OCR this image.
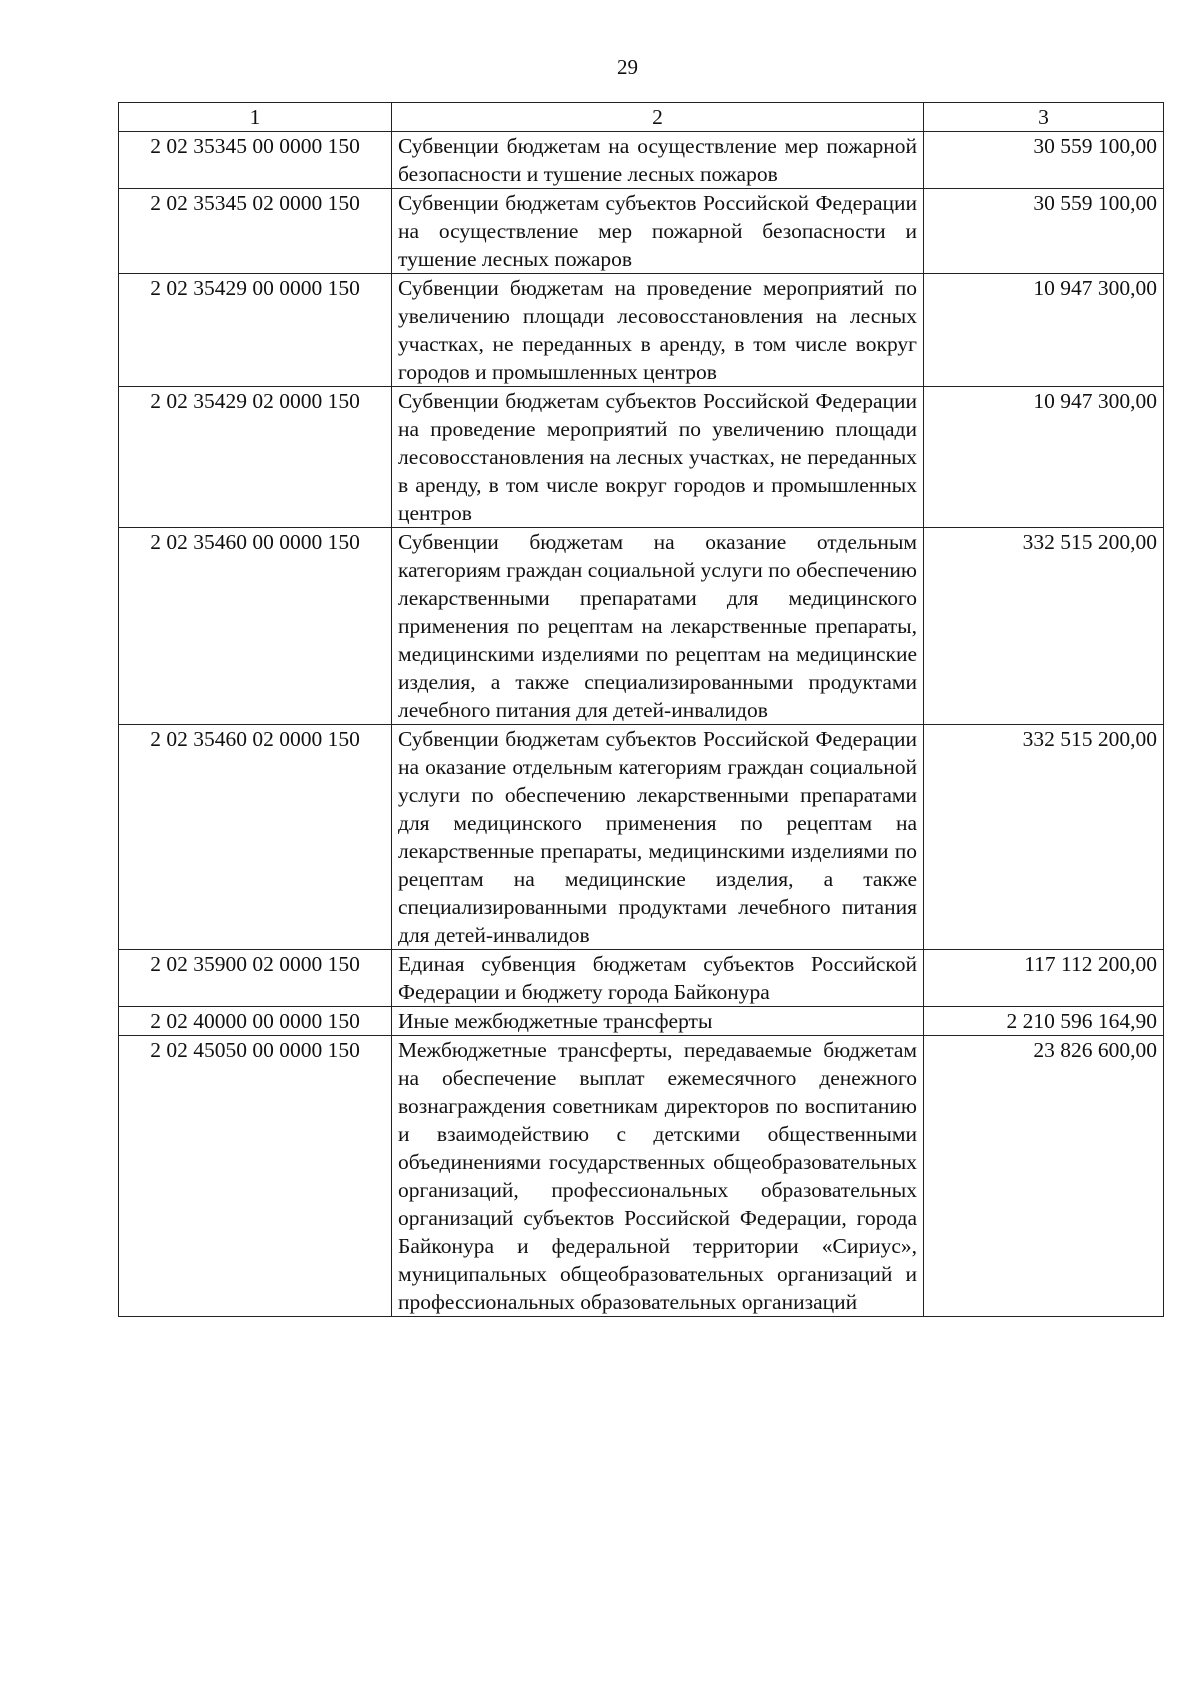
29
1	2	3
2 02 35345 00 0000 150	Субвенции бюджетам на осуществление мер пожарной безопасности и тушение лесных пожаров	30 559 100,00
2 02 35345 02 0000 150	Субвенции бюджетам субъектов Российской Федерации на осуществление мер пожарной безопасности и тушение лесных пожаров	30 559 100,00
2 02 35429 00 0000 150	Субвенции бюджетам на проведение мероприятий по увеличению площади лесовосстановления на лесных участках, не переданных в аренду, в том числе вокруг городов и промышленных центров	10 947 300,00
2 02 35429 02 0000 150	Субвенции бюджетам субъектов Российской Федерации на проведение мероприятий по увеличению площади лесовосстановления на лесных участках, не переданных в аренду, в том числе вокруг городов и промышленных центров	10 947 300,00
2 02 35460 00 0000 150	Субвенции бюджетам на оказание отдельным категориям граждан социальной услуги по обеспечению лекарственными препаратами для медицинского применения по рецептам на лекарственные препараты, медицинскими изделиями по рецептам на медицинские изделия, а также специализированными продуктами лечебного питания для детей-инвалидов	332 515 200,00
2 02 35460 02 0000 150	Субвенции бюджетам субъектов Российской Федерации на оказание отдельным категориям граждан социальной услуги по обеспечению лекарственными препаратами для медицинского применения по рецептам на лекарственные препараты, медицинскими изделиями по рецептам на медицинские изделия, а также специализированными продуктами лечебного питания для детей-инвалидов	332 515 200,00
2 02 35900 02 0000 150	Единая субвенция бюджетам субъектов Российской Федерации и бюджету города Байконура	117 112 200,00
2 02 40000 00 0000 150	Иные межбюджетные трансферты	2 210 596 164,90
2 02 45050 00 0000 150	Межбюджетные трансферты, передаваемые бюджетам на обеспечение выплат ежемесячного денежного вознаграждения советникам директоров по воспитанию и взаимодействию с детскими общественными объединениями государственных общеобразовательных организаций, профессиональных образовательных организаций субъектов Российской Федерации, города Байконура и федеральной территории «Сириус», муниципальных общеобразовательных организаций и профессиональных образовательных организаций	23 826 600,00
